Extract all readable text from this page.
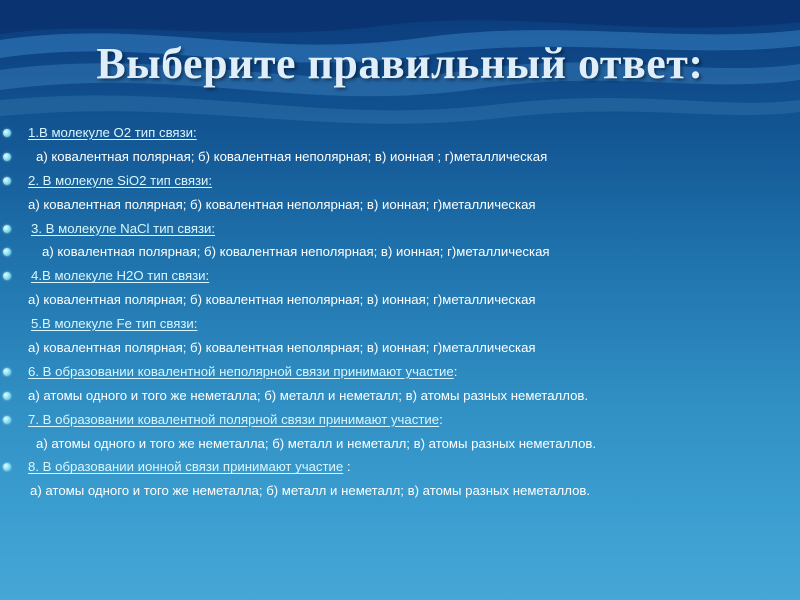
Выберите правильный ответ:
1.В молекуле О2 тип связи:
а) ковалентная полярная; б) ковалентная неполярная; в) ионная ; г)металлическая
2. В молекуле SiO2 тип связи:
а) ковалентная полярная; б) ковалентная неполярная; в) ионная; г)металлическая
3. В молекуле NaCl тип связи:
а) ковалентная полярная; б) ковалентная неполярная; в) ионная; г)металлическая
4.В молекуле H2O тип связи:
а) ковалентная полярная; б) ковалентная неполярная; в) ионная; г)металлическая
5.В молекуле Fe тип связи:
а) ковалентная полярная; б) ковалентная неполярная; в) ионная; г)металлическая
6. В образовании ковалентной неполярной связи принимают участие:
а) атомы одного и того же неметалла; б) металл и неметалл; в) атомы разных неметаллов.
7. В образовании ковалентной полярной связи принимают участие:
а) атомы одного и того же неметалла; б) металл и неметалл; в) атомы разных неметаллов.
8. В образовании ионной связи принимают участие :
а) атомы одного и того же неметалла; б) металл и неметалл; в) атомы разных неметаллов.
